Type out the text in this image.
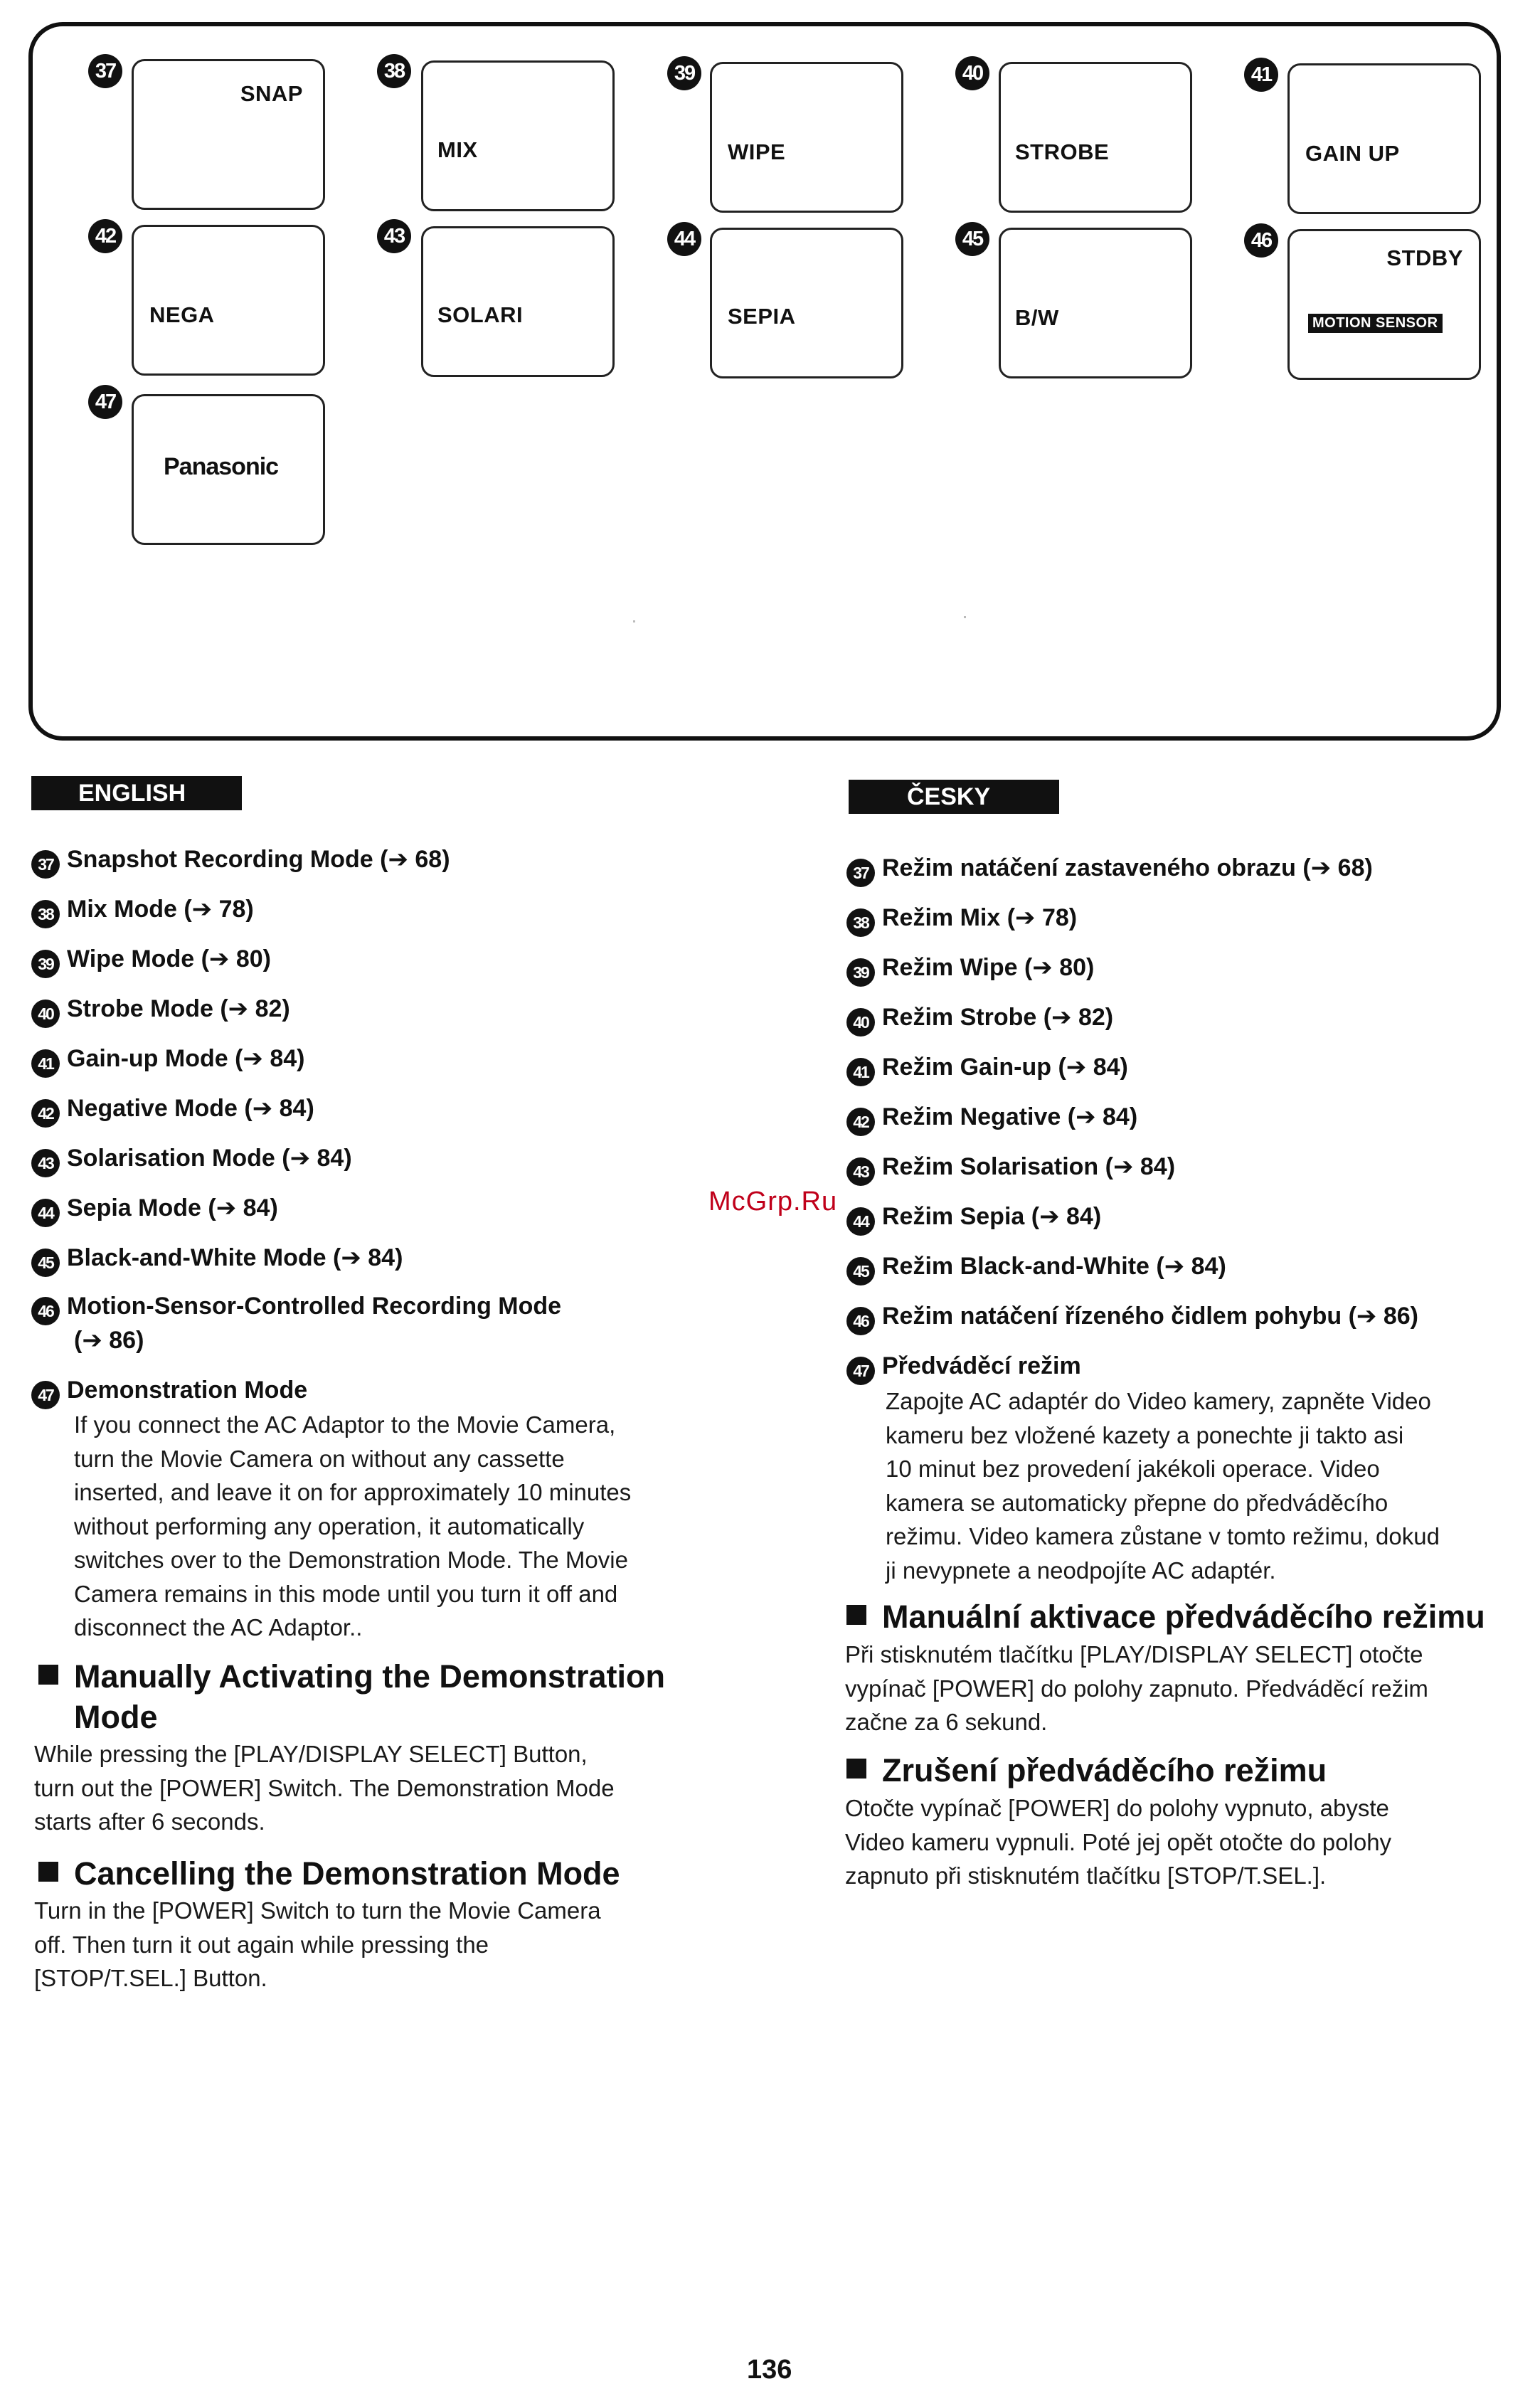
37
SNAP
38
MIX
39
WIPE
40
STROBE
41
GAIN UP
42
NEGA
43
SOLARI
44
SEPIA
45
B/W
46
STDBY
MOTION SENSOR
47
Panasonic
ENGLISH
37 Snapshot Recording Mode (➔ 68)
38 Mix Mode (➔ 78)
39 Wipe Mode (➔ 80)
40 Strobe Mode (➔ 82)
41 Gain-up Mode (➔ 84)
42 Negative Mode (➔ 84)
43 Solarisation Mode (➔ 84)
44 Sepia Mode (➔ 84)
45 Black-and-White Mode (➔ 84)
46 Motion-Sensor-Controlled Recording Mode
(➔ 86)
47 Demonstration Mode
If you connect the AC Adaptor to the Movie Camera,
turn the Movie Camera on without any cassette
inserted, and leave it on for approximately 10 minutes
without performing any operation, it automatically
switches over to the Demonstration Mode. The Movie
Camera remains in this mode until you turn it off and
disconnect the AC Adaptor..
Manually Activating the Demonstration
Mode
While pressing the [PLAY/DISPLAY SELECT] Button,
turn out the [POWER] Switch. The Demonstration Mode
starts after 6 seconds.
Cancelling the Demonstration Mode
Turn in the [POWER] Switch to turn the Movie Camera
off. Then turn it out again while pressing the
[STOP/T.SEL.] Button.
ČESKY
37 Režim natáčení zastaveného obrazu (➔ 68)
38 Režim Mix (➔ 78)
39 Režim Wipe (➔ 80)
40 Režim Strobe (➔ 82)
41 Režim Gain-up (➔ 84)
42 Režim Negative (➔ 84)
43 Režim Solarisation (➔ 84)
44 Režim Sepia (➔ 84)
45 Režim Black-and-White (➔ 84)
46 Režim natáčení řízeného čidlem pohybu (➔ 86)
47 Předváděcí režim
Zapojte AC adaptér do Video kamery, zapněte Video
kameru bez vložené kazety a ponechte ji takto asi
10 minut bez provedení jakékoli operace. Video
kamera se automaticky přepne do předváděcího
režimu. Video kamera zůstane v tomto režimu, dokud
ji nevypnete a neodpojíte AC adaptér.
Manuální aktivace předváděcího režimu
Při stisknutém tlačítku [PLAY/DISPLAY SELECT] otočte
vypínač [POWER] do polohy zapnuto. Předváděcí režim
začne za 6 sekund.
Zrušení předváděcího režimu
Otočte vypínač [POWER] do polohy vypnuto, abyste
Video kameru vypnuli. Poté jej opět otočte do polohy
zapnuto při stisknutém tlačítku [STOP/T.SEL.].
McGrp.Ru
136
